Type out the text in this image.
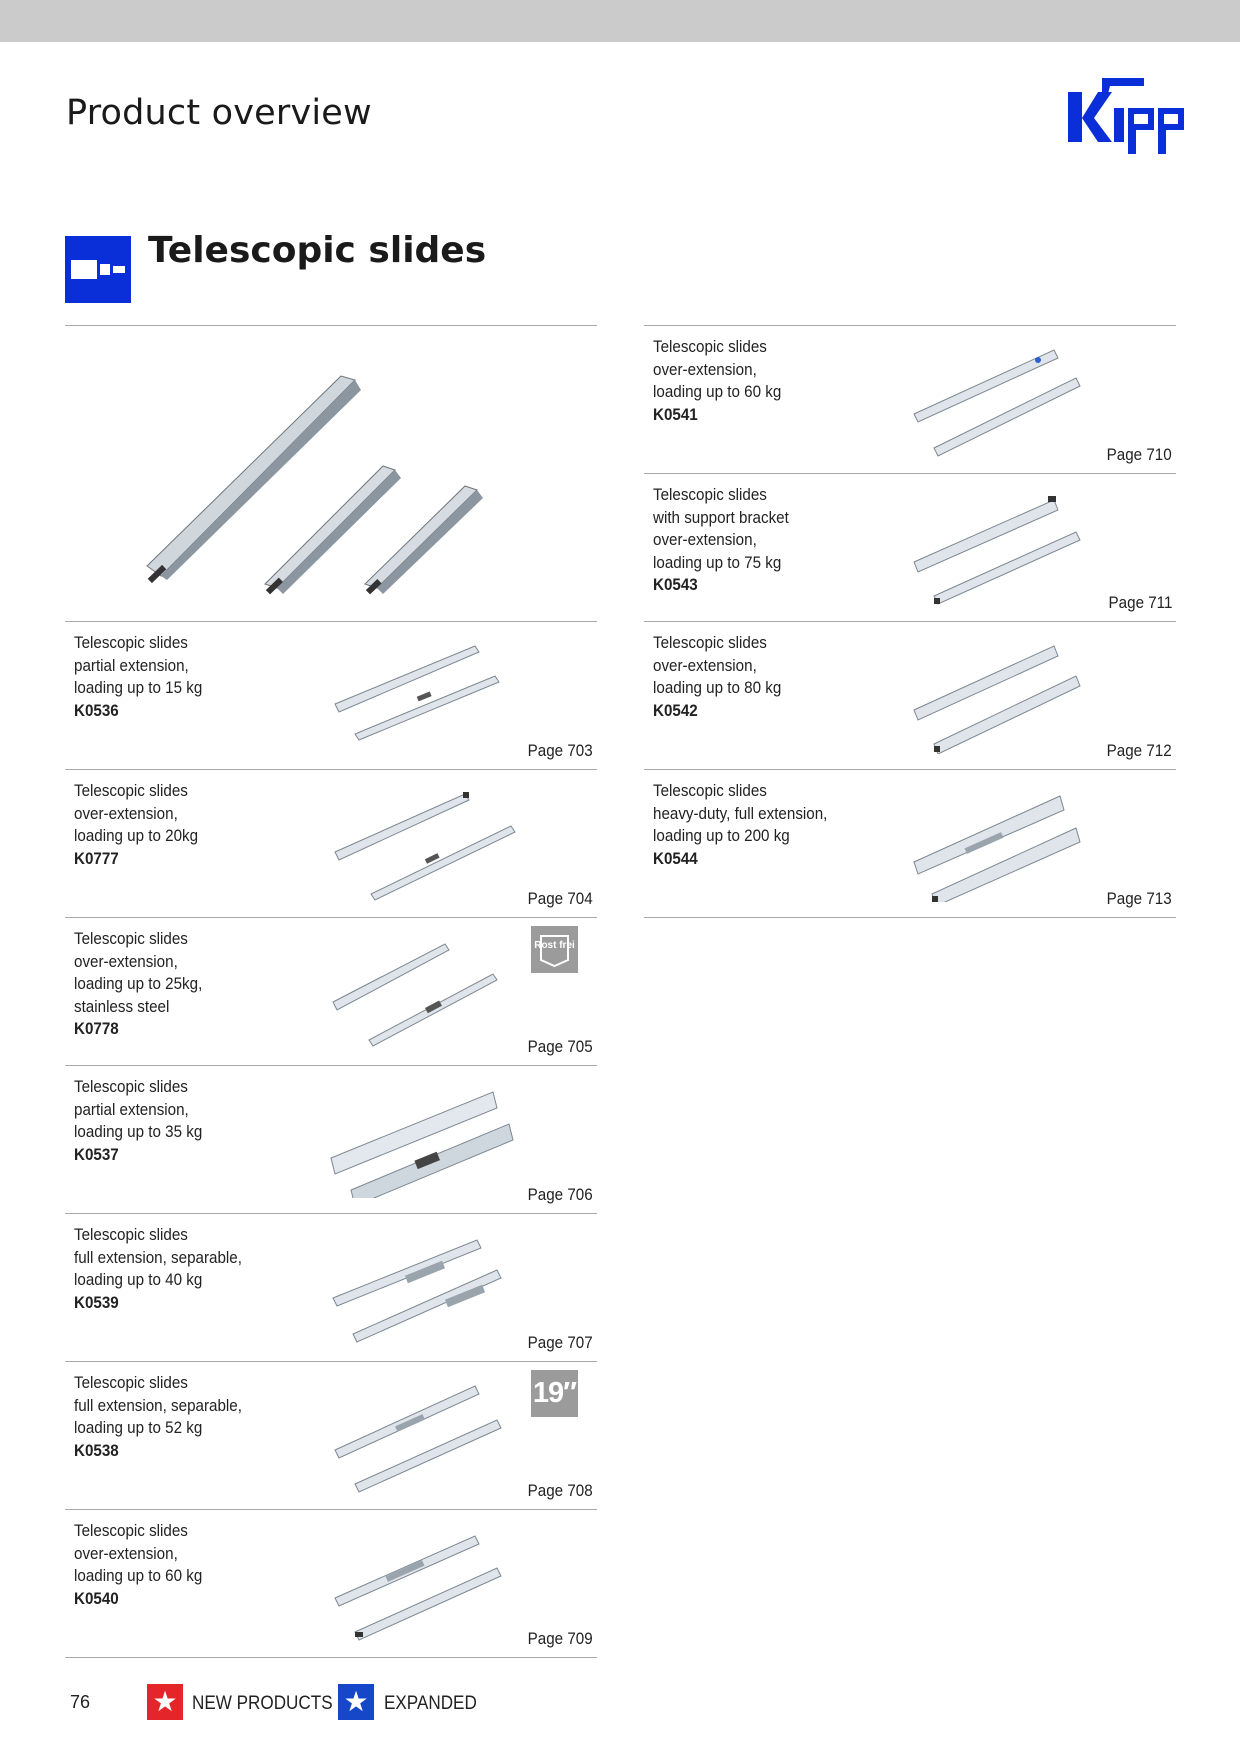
Product overview
Telescopic slides
Telescopic slides
partial extension,
loading up to 15 kg
K0536
Page 703
Telescopic slides
over-extension,
loading up to 20kg
K0777
Page 704
Telescopic slides
over-extension,
loading up to 25kg,
stainless steel
K0778
Rost frei
Page 705
Telescopic slides
partial extension,
loading up to 35 kg
K0537
Page 706
Telescopic slides
full extension, separable,
loading up to 40 kg
K0539
Page 707
Telescopic slides
full extension, separable,
loading up to 52 kg
K0538
19″
Page 708
Telescopic slides
over-extension,
loading up to 60 kg
K0540
Page 709
Telescopic slides
over-extension,
loading up to 60 kg
K0541
Page 710
Telescopic slides
with support bracket
over-extension,
loading up to 75 kg
K0543
Page 711
Telescopic slides
over-extension,
loading up to 80 kg
K0542
Page 712
Telescopic slides
heavy-duty, full extension,
loading up to 200 kg
K0544
Page 713
76 ★ NEW PRODUCTS ★ EXPANDED
